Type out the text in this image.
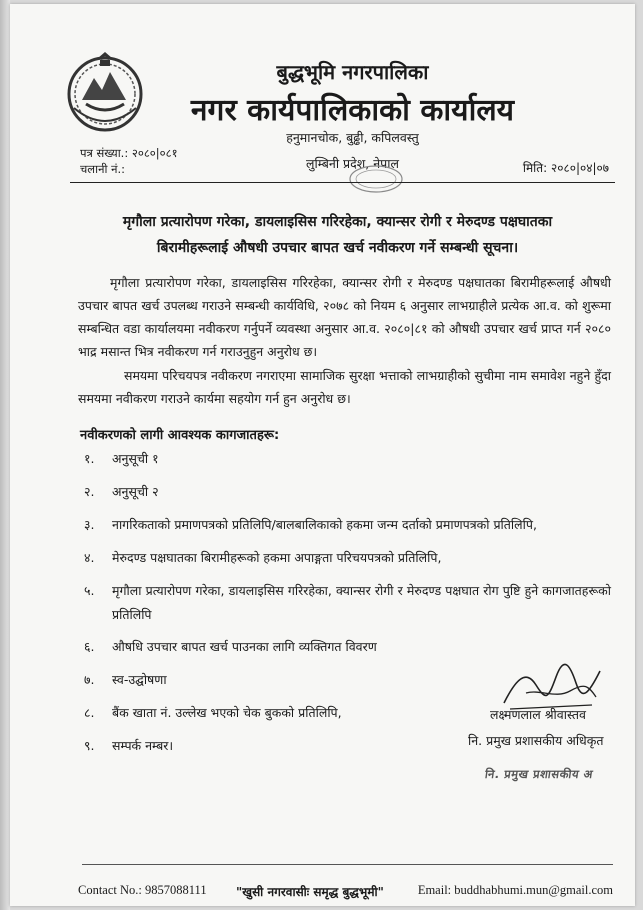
बुद्धभूमि नगरपालिका
नगर कार्यपालिकाको कार्यालय
हनुमानचोक, बुढ्ढी, कपिलवस्तु
लुम्बिनी प्रदेश, नेपाल
पत्र संख्या.: २०८०|०८१
चलानी नं.:	मिति: २०८०|०४|०७
मृगौला प्रत्यारोपण गरेका, डायलाइसिस गरिरहेका, क्यान्सर रोगी र मेरुदण्ड पक्षघातका बिरामीहरूलाई औषधी उपचार बापत खर्च नवीकरण गर्ने सम्बन्धी सूचना।
मृगौला प्रत्यारोपण गरेका, डायलाइसिस गरिरहेका, क्यान्सर रोगी र मेरुदण्ड पक्षघातका बिरामीहरूलाई औषधी उपचार बापत खर्च उपलब्ध गराउने सम्बन्धी कार्यविधि, २०७८ को नियम ६ अनुसार लाभग्राहीले प्रत्येक आ.व. को शुरूमा सम्बन्धित वडा कार्यालयमा नवीकरण गर्नुपर्ने व्यवस्था अनुसार आ.व. २०८०|८१ को औषधी उपचार खर्च प्राप्त गर्न २०८० भाद्र मसान्त भित्र नवीकरण गर्न गराउनुहुन अनुरोध छ।
समयमा परिचयपत्र नवीकरण नगराएमा सामाजिक सुरक्षा भत्ताको लाभग्राहीको सुचीमा नाम समावेश नहुने हुँदा समयमा नवीकरण गराउने कार्यमा सहयोग गर्न हुन अनुरोध छ।
नवीकरणको लागी आवश्यक कागजातहरू:
१.	अनुसूची १
२.	अनुसूची २
३.	नागरिकताको प्रमाणपत्रको प्रतिलिपि/बालबालिकाको हकमा जन्म दर्ताको प्रमाणपत्रको प्रतिलिपि,
४.	मेरुदण्ड पक्षघातका बिरामीहरूको हकमा अपाङ्गता परिचयपत्रको प्रतिलिपि,
५.	मृगौला प्रत्यारोपण गरेका, डायलाइसिस गरिरहेका, क्यान्सर रोगी र मेरुदण्ड पक्षघात रोग पुष्टि हुने कागजातहरूको प्रतिलिपि
६.	औषधि उपचार बापत खर्च पाउनका लागि व्यक्तिगत विवरण
७.	स्व-उद्घोषणा
८.	बैंक खाता नं. उल्लेख भएको चेक बुकको प्रतिलिपि,
९.	सम्पर्क नम्बर।
लक्ष्मणलाल श्रीवास्तव
नि. प्रमुख प्रशासकीय अधिकृत
नि. प्रमुख प्रशासकीय अ
Contact No.: 9857088111 "खुसी नगरवासीः समृद्ध बुद्धभूमी"	Email: buddhabhumi.mun@gmail.com
